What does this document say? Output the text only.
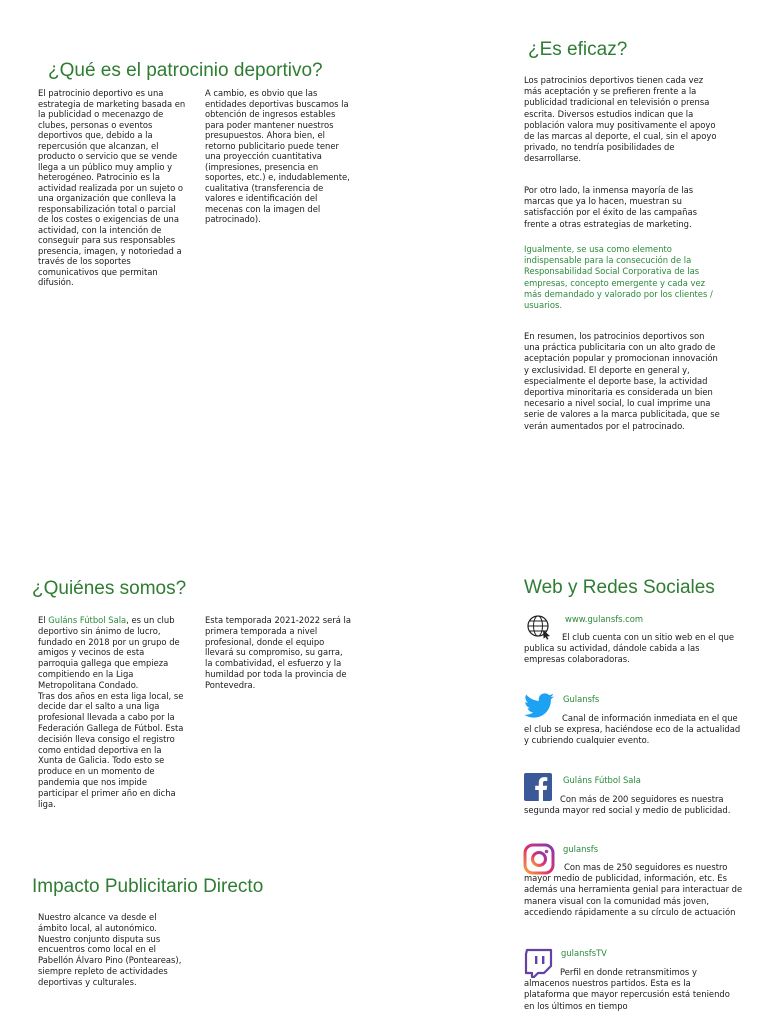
¿Qué es el patrocinio deportivo?
El patrocinio deportivo es una
estrategia de marketing basada en
la publicidad o mecenazgo de
clubes, personas o eventos
deportivos que, debido a la
repercusión que alcanzan, el
producto o servicio que se vende
llega a un público muy amplio y
heterogéneo. Patrocinio es la
actividad realizada por un sujeto o
una organización que conlleva la
responsabilización total o parcial
de los costes o exigencias de una
actividad, con la intención de
conseguir para sus responsables
presencia, imagen, y notoriedad a
través de los soportes
comunicativos que permitan
difusión.
A cambio, es obvio que las
entidades deportivas buscamos la
obtención de ingresos estables
para poder mantener nuestros
presupuestos. Ahora bien, el
retorno publicitario puede tener
una proyección cuantitativa
(impresiones, presencia en
soportes, etc.) e, indudablemente,
cualitativa (transferencia de
valores e identificación del
mecenas con la imagen del
patrocinado).
¿Es eficaz?
Los patrocinios deportivos tienen cada vez
más aceptación y se prefieren frente a la
publicidad tradicional en televisión o prensa
escrita. Diversos estudios indican que la
población valora muy positivamente el apoyo
de las marcas al deporte, el cual, sin el apoyo
privado, no tendría posibilidades de
desarrollarse.
Por otro lado, la inmensa mayoría de las
marcas que ya lo hacen, muestran su
satisfacción por el éxito de las campañas
frente a otras estrategias de marketing.
Igualmente, se usa como elemento
indispensable para la consecución de la
Responsabilidad Social Corporativa de las
empresas, concepto emergente y cada vez
más demandado y valorado por los clientes /
usuarios.
En resumen, los patrocinios deportivos son
una práctica publicitaria con un alto grado de
aceptación popular y promocionan innovación
y exclusividad. El deporte en general y,
especialmente el deporte base, la actividad
deportiva minoritaria es considerada un bien
necesario a nivel social, lo cual imprime una
serie de valores a la marca publicitada, que se
verán aumentados por el patrocinado.
¿Quiénes somos?
El Guláns Fútbol Sala, es un club
deportivo sin ánimo de lucro,
fundado en 2018 por un grupo de
amigos y vecinos de esta
parroquia gallega que empieza
compitiendo en la Liga
Metropolitana Condado.
Tras dos años en esta liga local, se
decide dar el salto a una liga
profesional llevada a cabo por la
Federación Gallega de Fútbol. Esta
decisión lleva consigo el registro
como entidad deportiva en la
Xunta de Galicia. Todo esto se
produce en un momento de
pandemia que nos impide
participar el primer año en dicha
liga.
Esta temporada 2021-2022 será la
primera temporada a nivel
profesional, donde el equipo
llevará su compromiso, su garra,
la combatividad, el esfuerzo y la
humildad por toda la provincia de
Pontevedra.
Impacto Publicitario Directo
Nuestro alcance va desde el
ámbito local, al autonómico.
Nuestro conjunto disputa sus
encuentros como local en el
Pabellón Álvaro Pino (Ponteareas),
siempre repleto de actividades
deportivas y culturales.
Web y Redes Sociales
www.gulansfs.com
El club cuenta con un sitio web en el que
publica su actividad, dándole cabida a las
empresas colaboradoras.
Gulansfs
Canal de información inmediata en el que
el club se expresa, haciéndose eco de la actualidad
y cubriendo cualquier evento.
Guláns Fútbol Sala
Con más de 200 seguidores es nuestra
segunda mayor red social y medio de publicidad.
gulansfs
Con mas de 250 seguidores es nuestro
mayor medio de publicidad, información, etc. Es
además una herramienta genial para interactuar de
manera visual con la comunidad más joven,
accediendo rápidamente a su círculo de actuación
gulansfsTV
Perfil en donde retransmitimos y
almacenos nuestros partidos. Esta es la
plataforma que mayor repercusión está teniendo
en los últimos en tiempo
